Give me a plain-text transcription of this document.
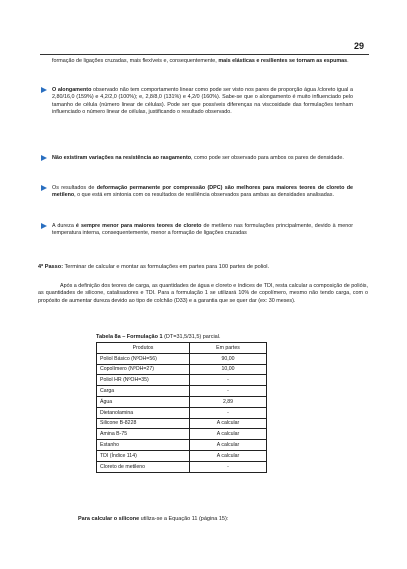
29
formação de ligações cruzadas, mais flexíveis e, consequentemente, mais elásticas e resilientes se tornam as espumas.
O alongamento observado não tem comportamento linear como pode ser visto nos pares de proporção água /cloreto igual a 2,80/16,0 (159%) e 4,2/2,0 (100%); e, 2,8/8,0 (131%) e 4,2/0 (160%). Sabe-se que o alongamento é muito influenciado pelo tamanho de célula (número linear de células). Pode ser que possíveis diferenças na viscosidade das formulações tenham influenciado o número linear de células, justificando o resultado observado.
Não existiram variações na resistência ao rasgamento, como pode ser observado para ambos os pares de densidade.
Os resultados de deformação permanente por compressão (DPC) são melhores para maiores teores de cloreto de metileno, o que está em sintonia com os resultados de resiliência observados para ambas as densidades analisadas.
A dureza é sempre menor para maiores teores de cloreto de metileno nas formulações principalmente, devido à menor temperatura interna, consequentemente, menor a formação de ligações cruzadas
4º Passo: Terminar de calcular e montar as formulações em partes para 100 partes de poliol.
Após a definição dos teores de carga, as quantidades de água e cloreto e índices de TDI, resta calcular a composição de polióis, as quantidades de silicone, catalisadores e TDI. Para a formulação 1 se utilizará 10% de copolímero, mesmo não tendo carga, com o propósito de aumentar dureza devido ao tipo de colchão (D33) e a garantia que se quer dar (ex: 30 meses).
Tabela 8a – Formulação 1 (DT=31,5/31,5) parcial.
Produtos	Em partes
Poliol Básico (NºOH=56)	90,00
Copolímero (NºOH=27)	10,00
Poliol HR (NºOH=35)	-
Carga	-
Água	2,89
Dietanolamina	-
Silicone B-8228	A calcular
Amina B-75	A calcular
Estanho	A calcular
TDI (Índice 114)	A calcular
Cloreto de metileno	-
Para calcular o silicone utiliza-se a Equação 11 (página 15):
